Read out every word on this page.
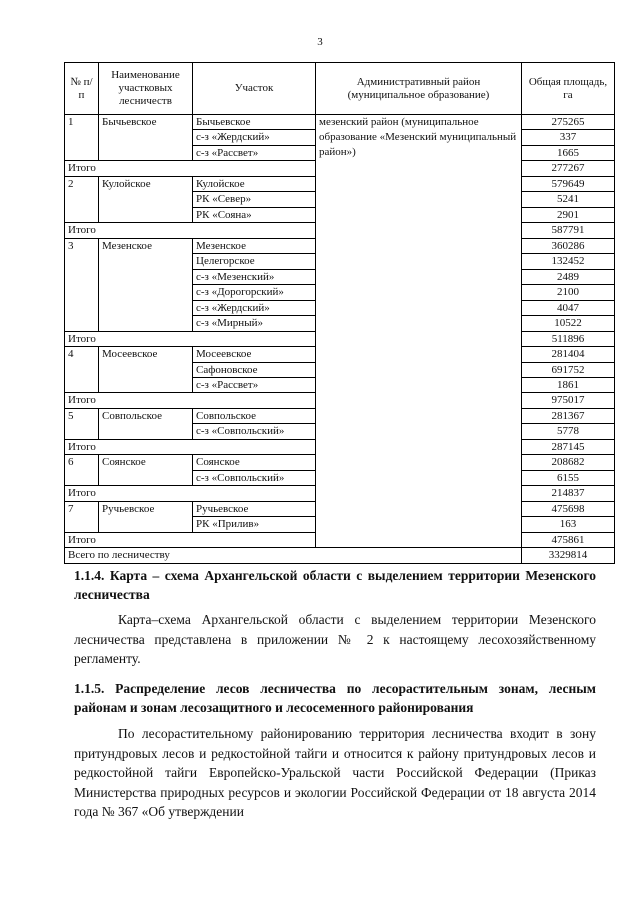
3
№ п/п	Наименование участковых лесничеств	Участок	Административный район (муниципальное образование)	Общая площадь, га
1	Бычьевское	Бычьевское	мезенский район (муниципальное образование «Мезенский муниципальный район»)	275265
		с-з «Жердский»		337
		с-з «Рассвет»		1665
Итого				277267
2	Кулойское	Кулойское		579649
		РК «Север»		5241
		РК «Сояна»		2901
Итого				587791
3	Мезенское	Мезенское		360286
		Целегорское		132452
		с-з «Мезенский»		2489
		с-з «Дорогорский»		2100
		с-з «Жердский»		4047
		с-з «Мирный»		10522
Итого				511896
4	Мосеевское	Мосеевское		281404
		Сафоновское		691752
		с-з «Рассвет»		1861
Итого				975017
5	Совпольское	Совпольское		281367
		с-з «Совпольский»		5778
Итого				287145
6	Соянское	Соянское		208682
		с-з «Совпольский»		6155
Итого				214837
7	Ручьевское	Ручьевское		475698
		РК «Прилив»		163
Итого				475861
Всего по лесничеству				3329814
1.1.4. Карта – схема Архангельской области с выделением территории Мезенского лесничества
Карта–схема Архангельской области с выделением территории Мезенского лесничества представлена в приложении № 2 к настоящему лесохозяйственному регламенту.
1.1.5. Распределение лесов лесничества по лесорастительным зонам, лесным районам и зонам лесозащитного и лесосеменного районирования
По лесорастительному районированию территория лесничества входит в зону притундровых лесов и редкостойной тайги и относится к району притундровых лесов и редкостойной тайги Европейско-Уральской части Российской Федерации (Приказ Министерства природных ресурсов и экологии Российской Федерации от 18 августа 2014 года № 367 «Об утверждении
